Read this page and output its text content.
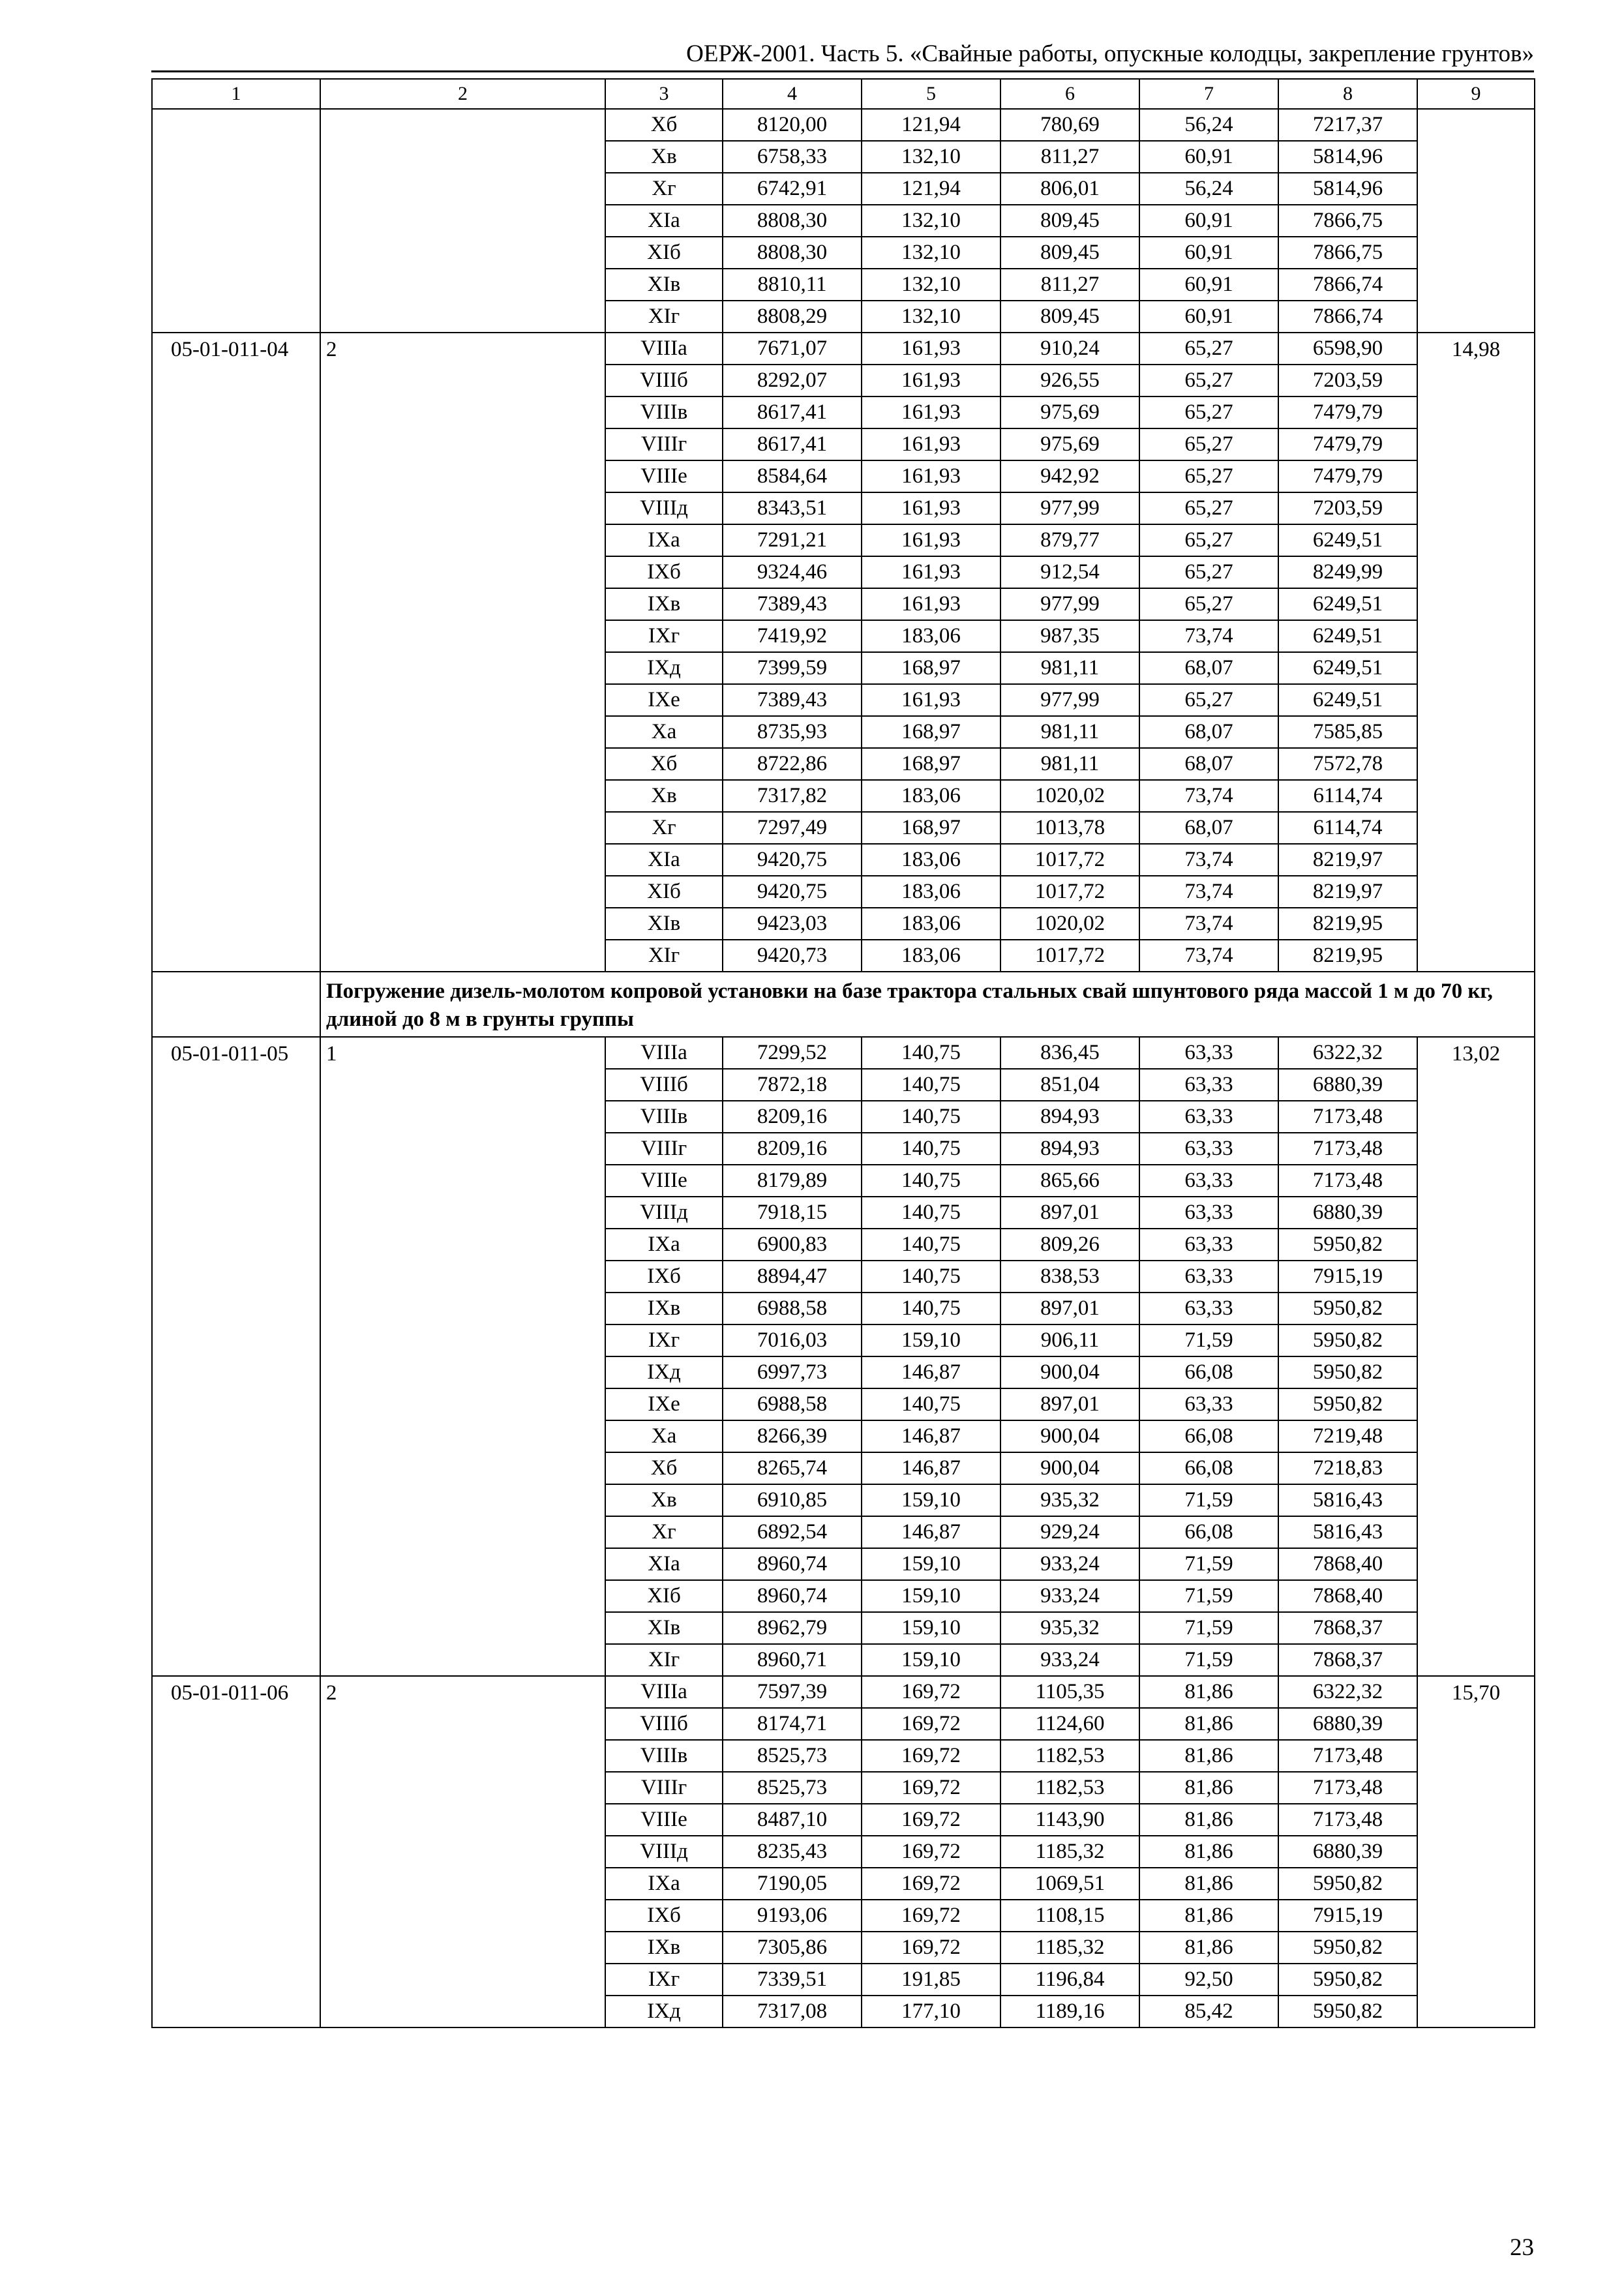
ОЕРЖ-2001. Часть 5. «Свайные работы, опускные колодцы, закрепление грунтов»
1	2	3	4	5	6	7	8	9
		Xб	8120,00	121,94	780,69	56,24	7217,37	
		Xв	6758,33	132,10	811,27	60,91	5814,96	
		Xг	6742,91	121,94	806,01	56,24	5814,96	
		XIа	8808,30	132,10	809,45	60,91	7866,75	
		XIб	8808,30	132,10	809,45	60,91	7866,75	
		XIв	8810,11	132,10	811,27	60,91	7866,74	
		XIг	8808,29	132,10	809,45	60,91	7866,74	
05-01-011-04	2	VIIIа	7671,07	161,93	910,24	65,27	6598,90	14,98
		VIIIб	8292,07	161,93	926,55	65,27	7203,59	
		VIIIв	8617,41	161,93	975,69	65,27	7479,79	
		VIIIг	8617,41	161,93	975,69	65,27	7479,79	
		VIIIе	8584,64	161,93	942,92	65,27	7479,79	
		VIIIд	8343,51	161,93	977,99	65,27	7203,59	
		IXа	7291,21	161,93	879,77	65,27	6249,51	
		IXб	9324,46	161,93	912,54	65,27	8249,99	
		IXв	7389,43	161,93	977,99	65,27	6249,51	
		IXг	7419,92	183,06	987,35	73,74	6249,51	
		IXд	7399,59	168,97	981,11	68,07	6249,51	
		IXе	7389,43	161,93	977,99	65,27	6249,51	
		Xа	8735,93	168,97	981,11	68,07	7585,85	
		Xб	8722,86	168,97	981,11	68,07	7572,78	
		Xв	7317,82	183,06	1020,02	73,74	6114,74	
		Xг	7297,49	168,97	1013,78	68,07	6114,74	
		XIа	9420,75	183,06	1017,72	73,74	8219,97	
		XIб	9420,75	183,06	1017,72	73,74	8219,97	
		XIв	9423,03	183,06	1020,02	73,74	8219,95	
		XIг	9420,73	183,06	1017,72	73,74	8219,95	
	Погружение дизель-молотом копровой установки на базе трактора стальных свай шпунтового ряда массой 1 м до 70 кг, длиной до 8 м в грунты группы							
05-01-011-05	1	VIIIа	7299,52	140,75	836,45	63,33	6322,32	13,02
		VIIIб	7872,18	140,75	851,04	63,33	6880,39	
		VIIIв	8209,16	140,75	894,93	63,33	7173,48	
		VIIIг	8209,16	140,75	894,93	63,33	7173,48	
		VIIIе	8179,89	140,75	865,66	63,33	7173,48	
		VIIIд	7918,15	140,75	897,01	63,33	6880,39	
		IXа	6900,83	140,75	809,26	63,33	5950,82	
		IXб	8894,47	140,75	838,53	63,33	7915,19	
		IXв	6988,58	140,75	897,01	63,33	5950,82	
		IXг	7016,03	159,10	906,11	71,59	5950,82	
		IXд	6997,73	146,87	900,04	66,08	5950,82	
		IXе	6988,58	140,75	897,01	63,33	5950,82	
		Xа	8266,39	146,87	900,04	66,08	7219,48	
		Xб	8265,74	146,87	900,04	66,08	7218,83	
		Xв	6910,85	159,10	935,32	71,59	5816,43	
		Xг	6892,54	146,87	929,24	66,08	5816,43	
		XIа	8960,74	159,10	933,24	71,59	7868,40	
		XIб	8960,74	159,10	933,24	71,59	7868,40	
		XIв	8962,79	159,10	935,32	71,59	7868,37	
		XIг	8960,71	159,10	933,24	71,59	7868,37	
05-01-011-06	2	VIIIа	7597,39	169,72	1105,35	81,86	6322,32	15,70
		VIIIб	8174,71	169,72	1124,60	81,86	6880,39	
		VIIIв	8525,73	169,72	1182,53	81,86	7173,48	
		VIIIг	8525,73	169,72	1182,53	81,86	7173,48	
		VIIIе	8487,10	169,72	1143,90	81,86	7173,48	
		VIIIд	8235,43	169,72	1185,32	81,86	6880,39	
		IXа	7190,05	169,72	1069,51	81,86	5950,82	
		IXб	9193,06	169,72	1108,15	81,86	7915,19	
		IXв	7305,86	169,72	1185,32	81,86	5950,82	
		IXг	7339,51	191,85	1196,84	92,50	5950,82	
		IXд	7317,08	177,10	1189,16	85,42	5950,82	
23
